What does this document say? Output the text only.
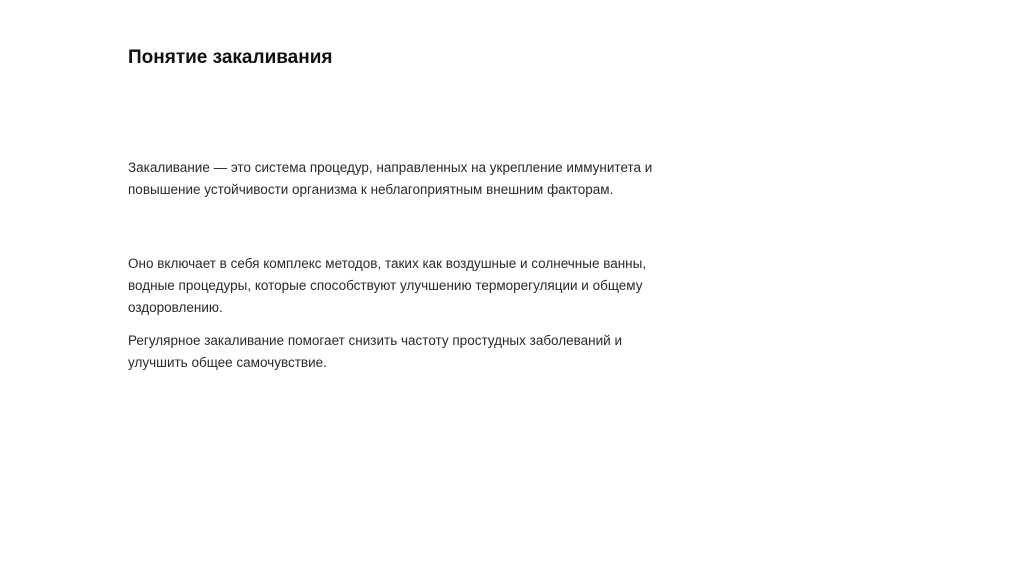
Понятие закаливания

Закаливание — это система процедур, направленных на укрепление иммунитета и повышение устойчивости организма к неблагоприятным внешним факторам.

Оно включает в себя комплекс методов, таких как воздушные и солнечные ванны, водные процедуры, которые способствуют улучшению терморегуляции и общему оздоровлению.

Регулярное закаливание помогает снизить частоту простудных заболеваний и улучшить общее самочувствие.
